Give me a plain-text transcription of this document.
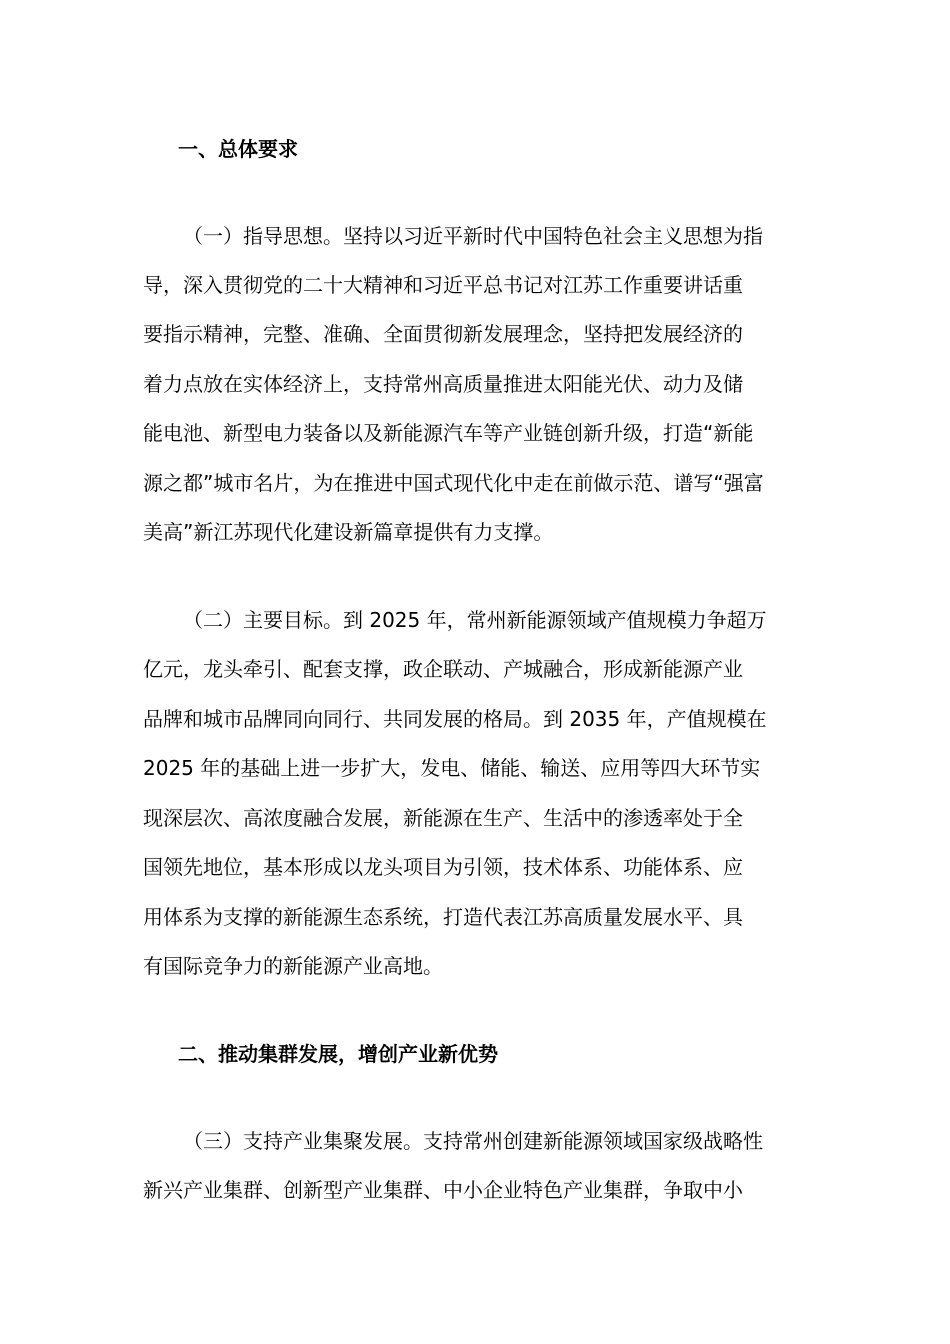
一、总体要求
（一）指导思想。坚持以习近平新时代中国特色社会主义思想为指
导，深入贯彻党的二十大精神和习近平总书记对江苏工作重要讲话重
要指示精神，完整、准确、全面贯彻新发展理念，坚持把发展经济的
着力点放在实体经济上，支持常州高质量推进太阳能光伏、动力及储
能电池、新型电力装备以及新能源汽车等产业链创新升级，打造“新能
源之都”城市名片，为在推进中国式现代化中走在前做示范、谱写“强富
美高”新江苏现代化建设新篇章提供有力支撑。
（二）主要目标。到 2025 年，常州新能源领域产值规模力争超万
亿元，龙头牵引、配套支撑，政企联动、产城融合，形成新能源产业
品牌和城市品牌同向同行、共同发展的格局。到 2035 年，产值规模在
2025 年的基础上进一步扩大，发电、储能、输送、应用等四大环节实
现深层次、高浓度融合发展，新能源在生产、生活中的渗透率处于全
国领先地位，基本形成以龙头项目为引领，技术体系、功能体系、应
用体系为支撑的新能源生态系统，打造代表江苏高质量发展水平、具
有国际竞争力的新能源产业高地。
二、推动集群发展，增创产业新优势
（三）支持产业集聚发展。支持常州创建新能源领域国家级战略性
新兴产业集群、创新型产业集群、中小企业特色产业集群，争取中小
